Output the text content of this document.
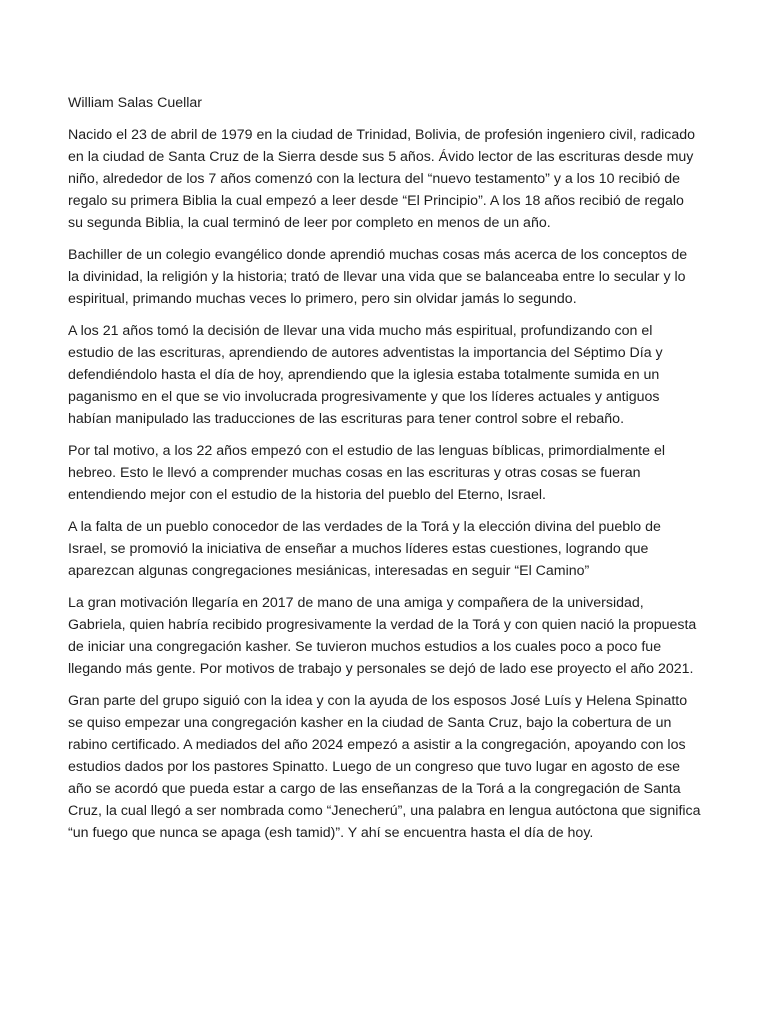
William Salas Cuellar

Nacido el 23 de abril de 1979 en la ciudad de Trinidad, Bolivia, de profesión ingeniero civil, radicado en la ciudad de Santa Cruz de la Sierra desde sus 5 años. Ávido lector de las escrituras desde muy niño, alrededor de los 7 años comenzó con la lectura del “nuevo testamento” y a los 10 recibió de regalo su primera Biblia la cual empezó a leer desde “El Principio”. A los 18 años recibió de regalo su segunda Biblia, la cual terminó de leer por completo en menos de un año.

Bachiller de un colegio evangélico donde aprendió muchas cosas más acerca de los conceptos de la divinidad, la religión y la historia; trató de llevar una vida que se balanceaba entre lo secular y lo espiritual, primando muchas veces lo primero, pero sin olvidar jamás lo segundo.

A los 21 años tomó la decisión de llevar una vida mucho más espiritual, profundizando con el estudio de las escrituras, aprendiendo de autores adventistas la importancia del Séptimo Día y defendiéndolo hasta el día de hoy, aprendiendo que la iglesia estaba totalmente sumida en un paganismo en el que se vio involucrada progresivamente y que los líderes actuales y antiguos habían manipulado las traducciones de las escrituras para tener control sobre el rebaño.

Por tal motivo, a los 22 años empezó con el estudio de las lenguas bíblicas, primordialmente el hebreo. Esto le llevó a comprender muchas cosas en las escrituras y otras cosas se fueran entendiendo mejor con el estudio de la historia del pueblo del Eterno, Israel.

A la falta de un pueblo conocedor de las verdades de la Torá y la elección divina del pueblo de Israel, se promovió la iniciativa de enseñar a muchos líderes estas cuestiones, logrando que aparezcan algunas congregaciones mesiánicas, interesadas en seguir “El Camino”

La gran motivación llegaría en 2017 de mano de una amiga y compañera de la universidad, Gabriela, quien habría recibido progresivamente la verdad de la Torá y con quien nació la propuesta de iniciar una congregación kasher. Se tuvieron muchos estudios a los cuales poco a poco fue llegando más gente. Por motivos de trabajo y personales se dejó de lado ese proyecto el año 2021.

Gran parte del grupo siguió con la idea y con la ayuda de los esposos José Luís y Helena Spinatto se quiso empezar una congregación kasher en la ciudad de Santa Cruz, bajo la cobertura de un rabino certificado. A mediados del año 2024 empezó a asistir a la congregación, apoyando con los estudios dados por los pastores Spinatto. Luego de un congreso que tuvo lugar en agosto de ese año se acordó que pueda estar a cargo de las enseñanzas de la Torá a la congregación de Santa Cruz, la cual llegó a ser nombrada como “Jenecherú”, una palabra en lengua autóctona que significa “un fuego que nunca se apaga (esh tamid)”. Y ahí se encuentra hasta el día de hoy.
